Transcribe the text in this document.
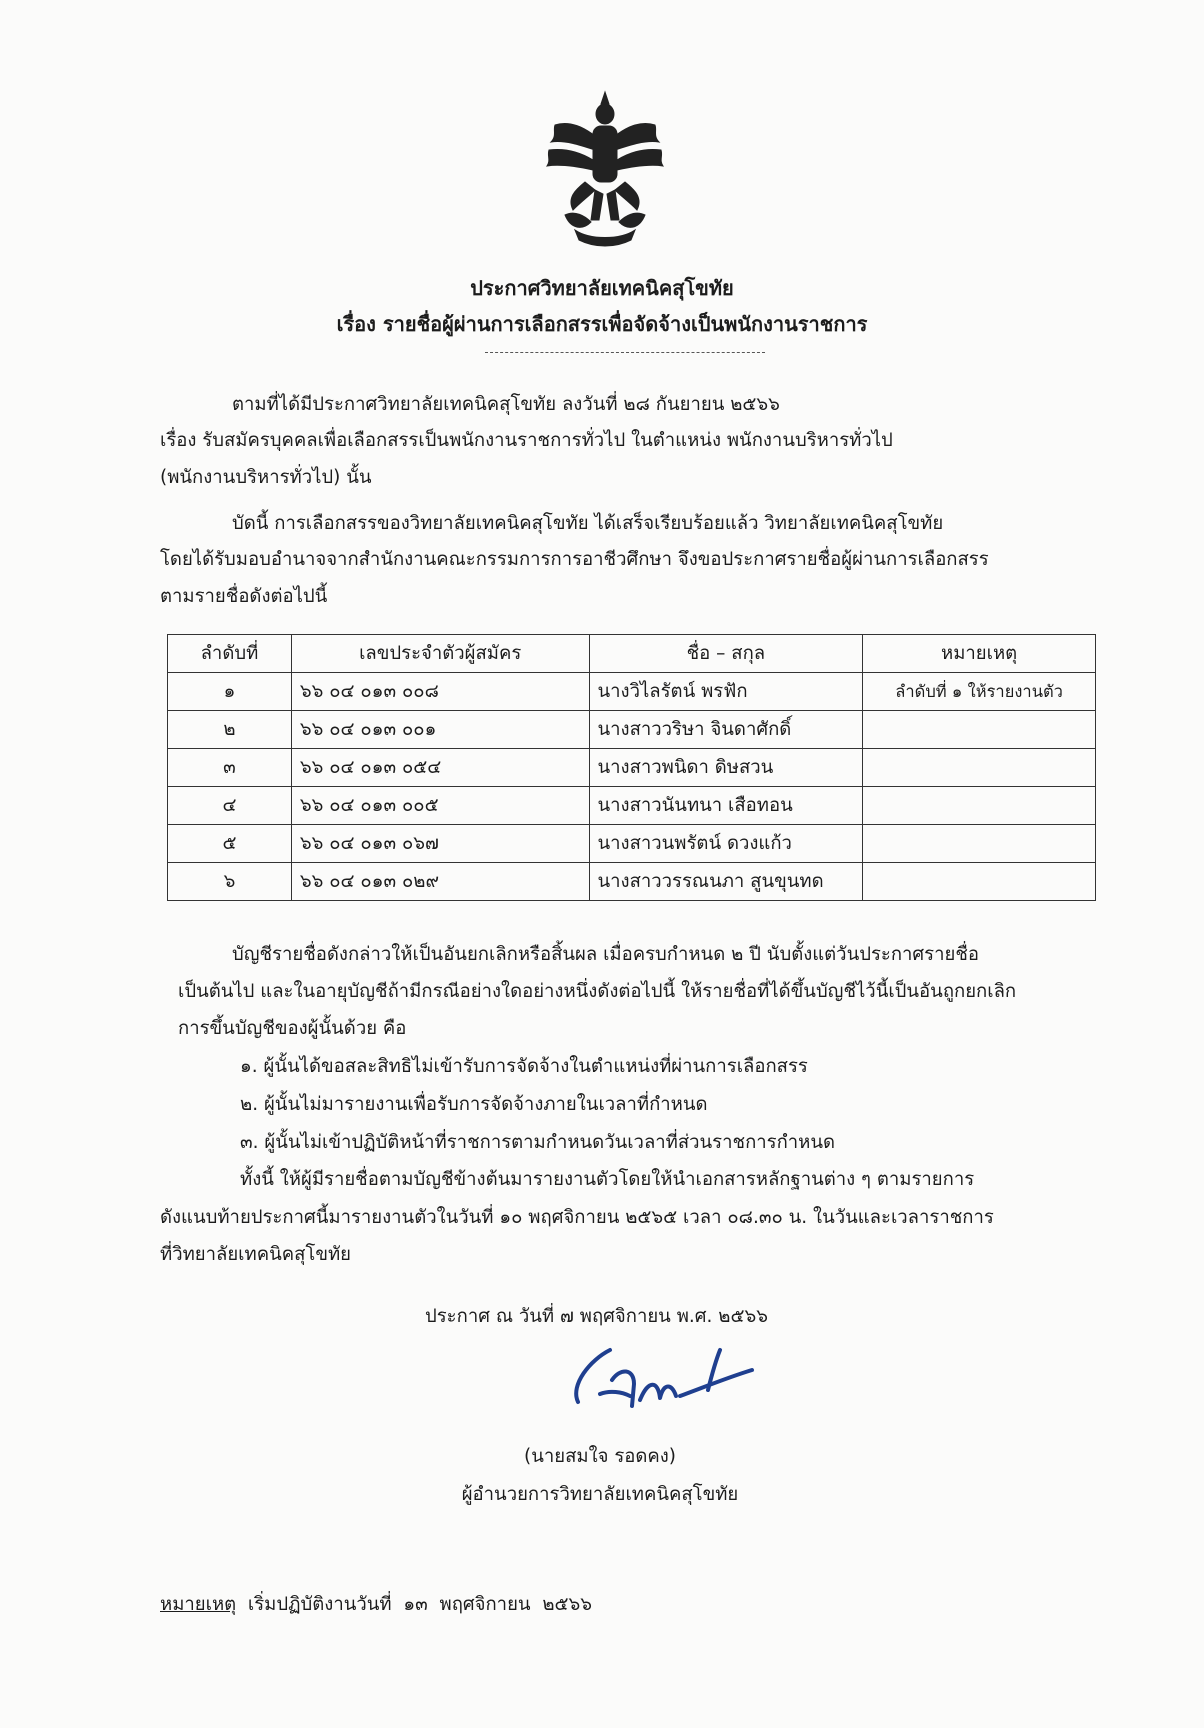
ประกาศวิทยาลัยเทคนิคสุโขทัย
เรื่อง รายชื่อผู้ผ่านการเลือกสรรเพื่อจัดจ้างเป็นพนักงานราชการ
ตามที่ได้มีประกาศวิทยาลัยเทคนิคสุโขทัย ลงวันที่ ๒๘ กันยายน ๒๕๖๖
เรื่อง รับสมัครบุคคลเพื่อเลือกสรรเป็นพนักงานราชการทั่วไป ในตำแหน่ง พนักงานบริหารทั่วไป
(พนักงานบริหารทั่วไป) นั้น
บัดนี้ การเลือกสรรของวิทยาลัยเทคนิคสุโขทัย ได้เสร็จเรียบร้อยแล้ว วิทยาลัยเทคนิคสุโขทัย
โดยได้รับมอบอำนาจจากสำนักงานคณะกรรมการการอาชีวศึกษา จึงขอประกาศรายชื่อผู้ผ่านการเลือกสรร
ตามรายชื่อดังต่อไปนี้
ลำดับที่	เลขประจำตัวผู้สมัคร	ชื่อ – สกุล	หมายเหตุ
๑	๖๖ ๐๔ ๐๑๓ ๐๐๘	นางวิไลรัตน์ พรฟัก	ลำดับที่ ๑ ให้รายงานตัว
๒	๖๖ ๐๔ ๐๑๓ ๐๐๑	นางสาววริษา จินดาศักดิ์	
๓	๖๖ ๐๔ ๐๑๓ ๐๕๔	นางสาวพนิดา ดิษสวน	
๔	๖๖ ๐๔ ๐๑๓ ๐๐๕	นางสาวนันทนา เสือทอน	
๕	๖๖ ๐๔ ๐๑๓ ๐๖๗	นางสาวนพรัตน์ ดวงแก้ว	
๖	๖๖ ๐๔ ๐๑๓ ๐๒๙	นางสาววรรณนภา สูนขุนทด	
บัญชีรายชื่อดังกล่าวให้เป็นอันยกเลิกหรือสิ้นผล เมื่อครบกำหนด ๒ ปี นับตั้งแต่วันประกาศรายชื่อ
เป็นต้นไป และในอายุบัญชีถ้ามีกรณีอย่างใดอย่างหนึ่งดังต่อไปนี้ ให้รายชื่อที่ได้ขึ้นบัญชีไว้นี้เป็นอันถูกยกเลิก
การขึ้นบัญชีของผู้นั้นด้วย คือ
๑. ผู้นั้นได้ขอสละสิทธิไม่เข้ารับการจัดจ้างในตำแหน่งที่ผ่านการเลือกสรร
๒. ผู้นั้นไม่มารายงานเพื่อรับการจัดจ้างภายในเวลาที่กำหนด
๓. ผู้นั้นไม่เข้าปฏิบัติหน้าที่ราชการตามกำหนดวันเวลาที่ส่วนราชการกำหนด
ทั้งนี้ ให้ผู้มีรายชื่อตามบัญชีข้างต้นมารายงานตัวโดยให้นำเอกสารหลักฐานต่าง ๆ ตามรายการ
ดังแนบท้ายประกาศนี้มารายงานตัวในวันที่ ๑๐ พฤศจิกายน ๒๕๖๕ เวลา ๐๘.๓๐ น. ในวันและเวลาราชการ
ที่วิทยาลัยเทคนิคสุโขทัย
ประกาศ ณ วันที่ ๗ พฤศจิกายน พ.ศ. ๒๕๖๖
(นายสมใจ รอดคง)
ผู้อำนวยการวิทยาลัยเทคนิคสุโขทัย
หมายเหตุ  เริ่มปฏิบัติงานวันที่  ๑๓  พฤศจิกายน  ๒๕๖๖
